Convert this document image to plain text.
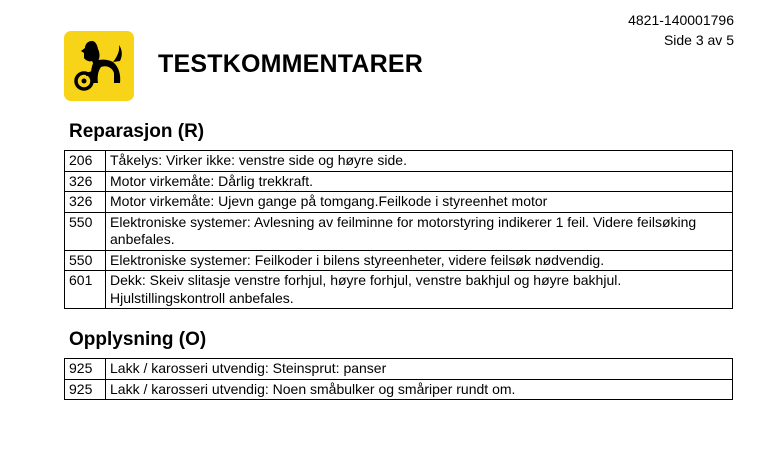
TESTKOMMENTARER
4821-140001796
Side 3 av 5
Reparasjon (R)
206	Tåkelys: Virker ikke: venstre side og høyre side.
326	Motor virkemåte: Dårlig trekkraft.
326	Motor virkemåte: Ujevn gange på tomgang.Feilkode i styreenhet motor
550	Elektroniske systemer: Avlesning av feilminne for motorstyring indikerer 1 feil. Videre feilsøking anbefales.
550	Elektroniske systemer: Feilkoder i bilens styreenheter, videre feilsøk nødvendig.
601	Dekk: Skeiv slitasje venstre forhjul, høyre forhjul, venstre bakhjul og høyre bakhjul. Hjulstillingskontroll anbefales.
Opplysning (O)
925	Lakk / karosseri utvendig: Steinsprut: panser
925	Lakk / karosseri utvendig: Noen småbulker og småriper rundt om.
